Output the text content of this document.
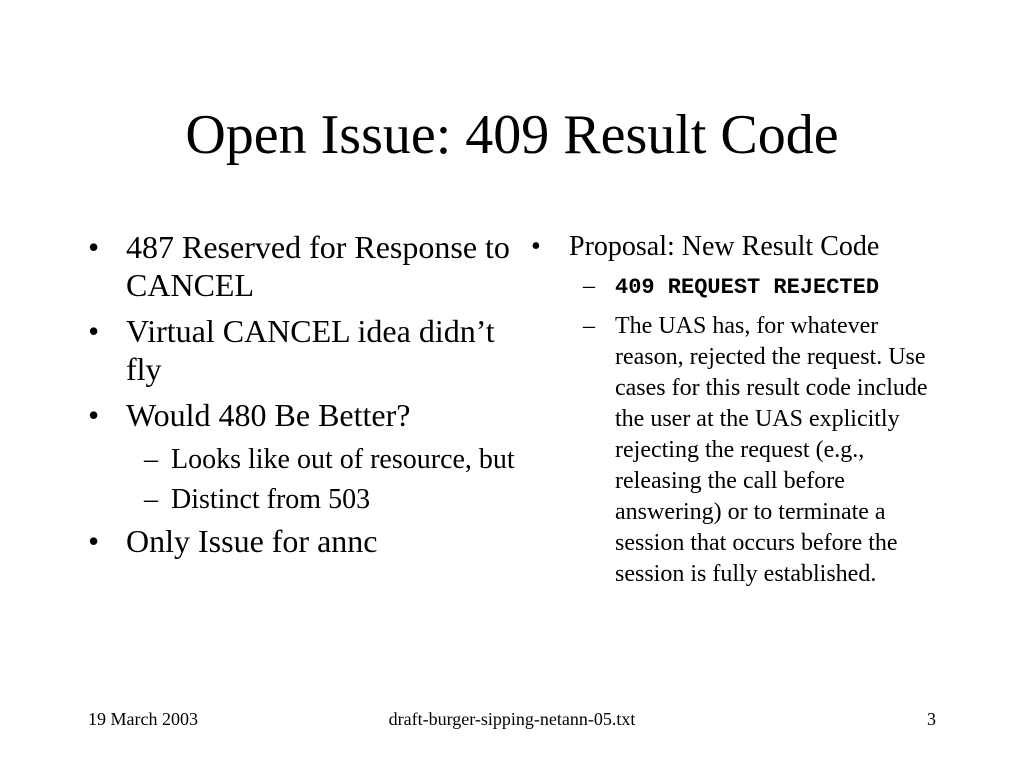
Open Issue: 409 Result Code
• 487 Reserved for Response to CANCEL
• Virtual CANCEL idea didn’t fly
• Would 480 Be Better?
– Looks like out of resource, but
– Distinct from 503
• Only Issue for annc
• Proposal: New Result Code
– 409 REQUEST REJECTED
– The UAS has, for whatever reason, rejected the request. Use cases for this result code include the user at the UAS explicitly rejecting the request (e.g., releasing the call before answering) or to terminate a session that occurs before the session is fully established.
19 March 2003	draft-burger-sipping-netann-05.txt	3
